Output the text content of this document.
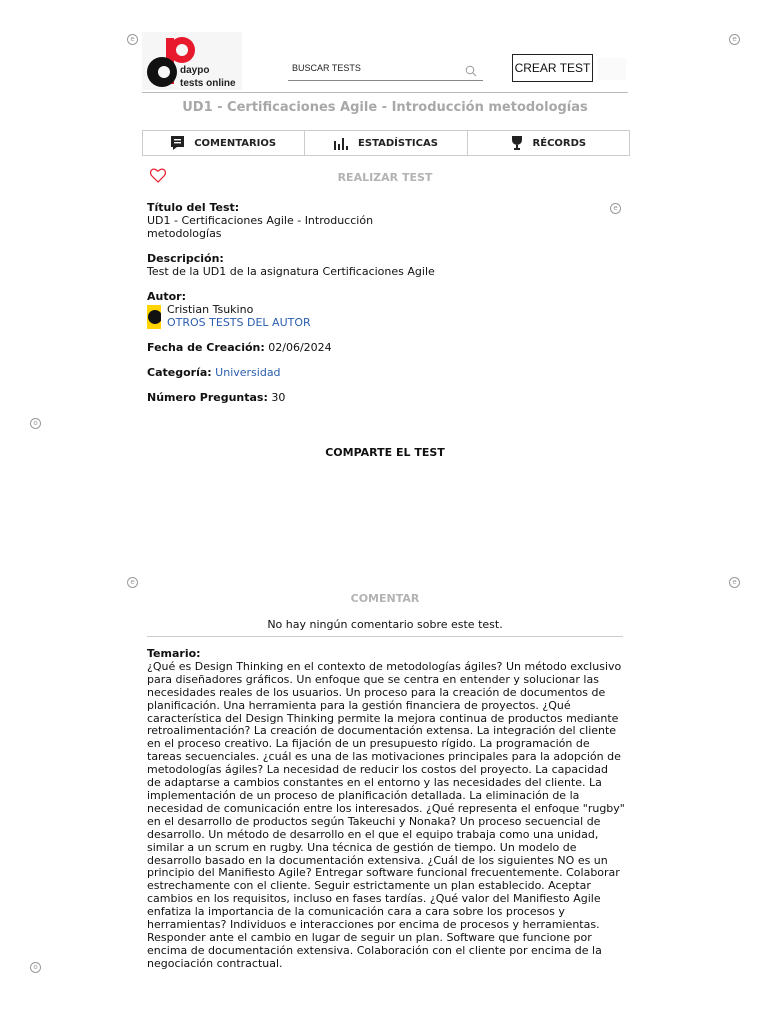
e	e
e
o
e	e
o
daypo
tests online
BUSCAR TESTS	CREAR TEST
UD1 - Certificaciones Agile - Introducción metodologías
COMENTARIOS	ESTADÍSTICAS	RÉCORDS
REALIZAR TEST
Título del Test:
UD1 - Certificaciones Agile - Introducción metodologías
Descripción:
Test de la UD1 de la asignatura Certificaciones Agile
Autor:
Cristian Tsukino
OTROS TESTS DEL AUTOR
Fecha de Creación: 02/06/2024
Categoría: Universidad
Número Preguntas: 30
COMPARTE EL TEST
COMENTAR
No hay ningún comentario sobre este test.
Temario:
¿Qué es Design Thinking en el contexto de metodologías ágiles? Un método exclusivo para diseñadores gráficos. Un enfoque que se centra en entender y solucionar las necesidades reales de los usuarios. Un proceso para la creación de documentos de planificación. Una herramienta para la gestión financiera de proyectos. ¿Qué característica del Design Thinking permite la mejora continua de productos mediante retroalimentación? La creación de documentación extensa. La integración del cliente en el proceso creativo. La fijación de un presupuesto rígido. La programación de tareas secuenciales. ¿cuál es una de las motivaciones principales para la adopción de metodologías ágiles? La necesidad de reducir los costos del proyecto. La capacidad de adaptarse a cambios constantes en el entorno y las necesidades del cliente. La implementación de un proceso de planificación detallada. La eliminación de la necesidad de comunicación entre los interesados. ¿Qué representa el enfoque "rugby" en el desarrollo de productos según Takeuchi y Nonaka? Un proceso secuencial de desarrollo. Un método de desarrollo en el que el equipo trabaja como una unidad, similar a un scrum en rugby. Una técnica de gestión de tiempo. Un modelo de desarrollo basado en la documentación extensiva. ¿Cuál de los siguientes NO es un principio del Manifiesto Agile? Entregar software funcional frecuentemente. Colaborar estrechamente con el cliente. Seguir estrictamente un plan establecido. Aceptar cambios en los requisitos, incluso en fases tardías. ¿Qué valor del Manifiesto Agile enfatiza la importancia de la comunicación cara a cara sobre los procesos y herramientas? Individuos e interacciones por encima de procesos y herramientas. Responder ante el cambio en lugar de seguir un plan. Software que funcione por encima de documentación extensiva. Colaboración con el cliente por encima de la negociación contractual.
